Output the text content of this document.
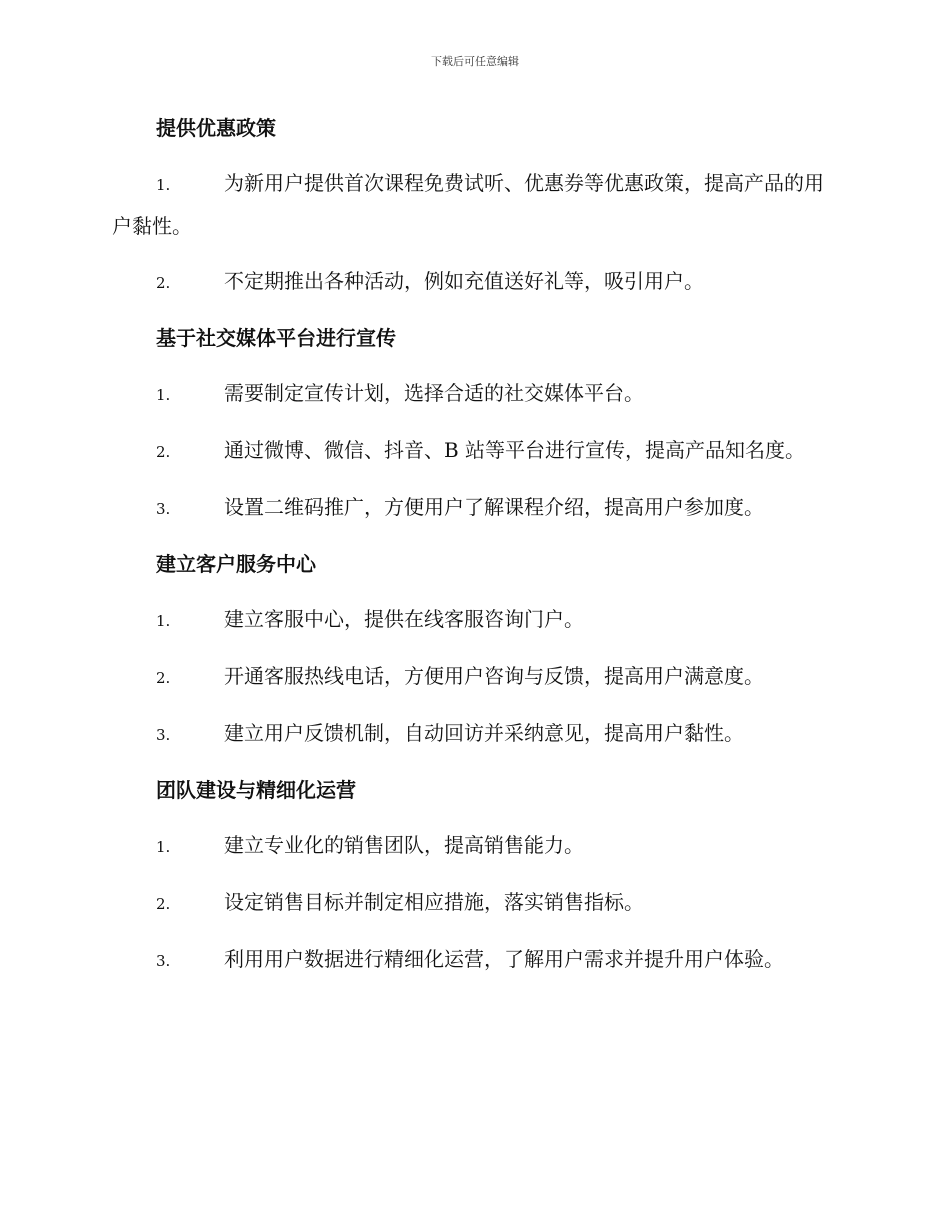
下载后可任意编辑
提供优惠政策

1.	为新用户提供首次课程免费试听、优惠券等优惠政策，提高产品的用户黏性。

2.	不定期推出各种活动，例如充值送好礼等，吸引用户。

基于社交媒体平台进行宣传

1.	需要制定宣传计划，选择合适的社交媒体平台。

2.	通过微博、微信、抖音、B 站等平台进行宣传，提高产品知名度。

3.	设置二维码推广，方便用户了解课程介绍，提高用户参加度。

建立客户服务中心

1.	建立客服中心，提供在线客服咨询门户。

2.	开通客服热线电话，方便用户咨询与反馈，提高用户满意度。

3.	建立用户反馈机制，自动回访并采纳意见，提高用户黏性。

团队建设与精细化运营

1.	建立专业化的销售团队，提高销售能力。

2.	设定销售目标并制定相应措施，落实销售指标。

3.	利用用户数据进行精细化运营，了解用户需求并提升用户体验。
